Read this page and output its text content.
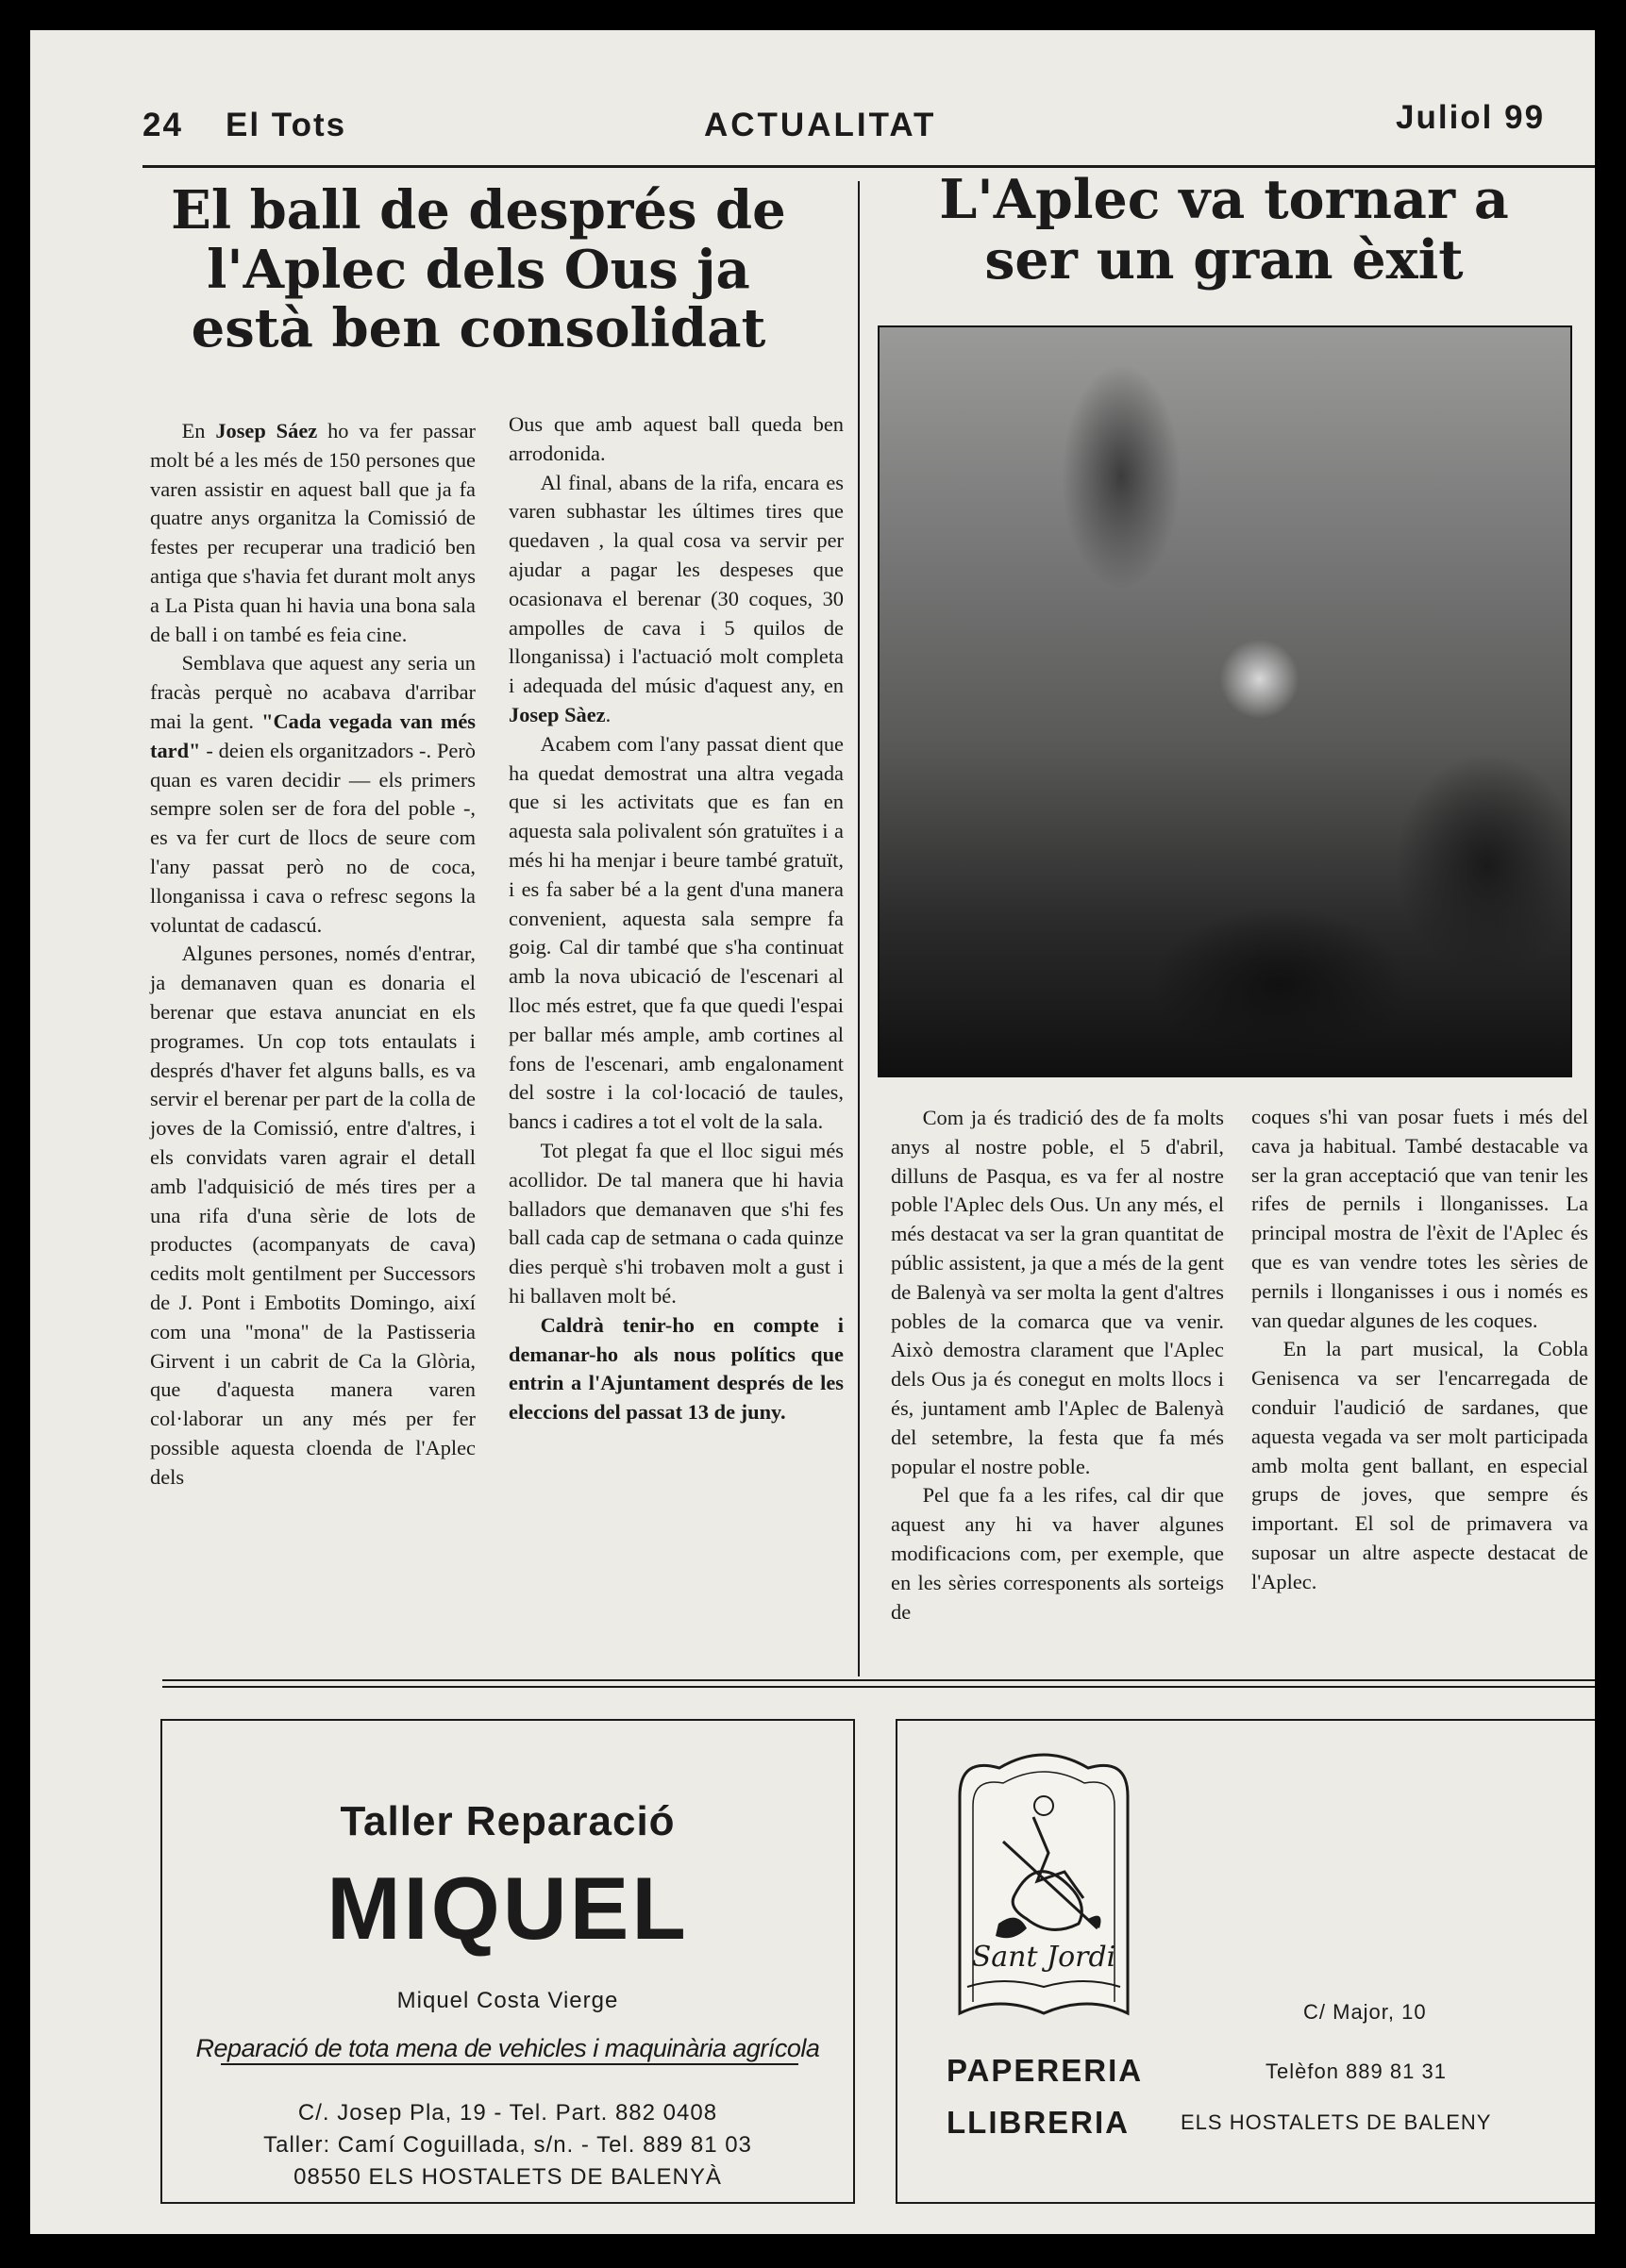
24 El Tots	ACTUALITAT	Juliol 99
El ball de després de l'Aplec dels Ous ja està ben consolidat

En Josep Sáez ho va fer passar molt bé a les més de 150 persones que varen assistir en aquest ball que ja fa quatre anys organitza la Comissió de festes per recuperar una tradició ben antiga que s'havia fet durant molt anys a La Pista quan hi havia una bona sala de ball i on també es feia cine.

Semblava que aquest any seria un fracàs perquè no acabava d'arribar mai la gent. "Cada vegada van més tard" - deien els organitzadors -. Però quan es varen decidir — els primers sempre solen ser de fora del poble -, es va fer curt de llocs de seure com l'any passat però no de coca, llonganissa i cava o refresc segons la voluntat de cadascú.

Algunes persones, només d'entrar, ja demanaven quan es donaria el berenar que estava anunciat en els programes. Un cop tots entaulats i després d'haver fet alguns balls, es va servir el berenar per part de la colla de joves de la Comissió, entre d'altres, i els convidats varen agrair el detall amb l'adquisició de més tires per a una rifa d'una sèrie de lots de productes (acompanyats de cava) cedits molt gentilment per Successors de J. Pont i Embotits Domingo, així com una "mona" de la Pastisseria Girvent i un cabrit de Ca la Glòria, que d'aquesta manera varen col·laborar un any més per fer possible aquesta cloenda de l'Aplec dels

Ous que amb aquest ball queda ben arrodonida.

Al final, abans de la rifa, encara es varen subhastar les últimes tires que quedaven , la qual cosa va servir per ajudar a pagar les despeses que ocasionava el berenar (30 coques, 30 ampolles de cava i 5 quilos de llonganissa) i l'actuació molt completa i adequada del músic d'aquest any, en Josep Sàez.

Acabem com l'any passat dient que ha quedat demostrat una altra vegada que si les activitats que es fan en aquesta sala polivalent són gratuïtes i a més hi ha menjar i beure també gratuït, i es fa saber bé a la gent d'una manera convenient, aquesta sala sempre fa goig. Cal dir també que s'ha continuat amb la nova ubicació de l'escenari al lloc més estret, que fa que quedi l'espai per ballar més ample, amb cortines al fons de l'escenari, amb engalonament del sostre i la col·locació de taules, bancs i cadires a tot el volt de la sala.

Tot plegat fa que el lloc sigui més acollidor. De tal manera que hi havia balladors que demanaven que s'hi fes ball cada cap de setmana o cada quinze dies perquè s'hi trobaven molt a gust i hi ballaven molt bé.

Caldrà tenir-ho en compte i demanar-ho als nous polítics que entrin a l'Ajuntament després de les eleccions del passat 13 de juny.

L'Aplec va tornar a ser un gran èxit

Com ja és tradició des de fa molts anys al nostre poble, el 5 d'abril, dilluns de Pasqua, es va fer al nostre poble l'Aplec dels Ous. Un any més, el més destacat va ser la gran quantitat de públic assistent, ja que a més de la gent de Balenyà va ser molta la gent d'altres pobles de la comarca que va venir. Això demostra clarament que l'Aplec dels Ous ja és conegut en molts llocs i és, juntament amb l'Aplec de Balenyà del setembre, la festa que fa més popular el nostre poble.

Pel que fa a les rifes, cal dir que aquest any hi va haver algunes modificacions com, per exemple, que en les sèries corresponents als sorteigs de

coques s'hi van posar fuets i més del cava ja habitual. També destacable va ser la gran acceptació que van tenir les rifes de pernils i llonganisses. La principal mostra de l'èxit de l'Aplec és que es van vendre totes les sèries de pernils i llonganisses i ous i només es van quedar algunes de les coques.

En la part musical, la Cobla Genisenca va ser l'encarregada de conduir l'audició de sardanes, que aquesta vegada va ser molt participada amb molta gent ballant, en especial grups de joves, que sempre és important. El sol de primavera va suposar un altre aspecte destacat de l'Aplec.

Taller Reparació
MIQUEL
Miquel Costa Vierge
Reparació de tota mena de vehicles i maquinària agrícola
C/. Josep Pla, 19 - Tel. Part. 882 0408
Taller: Camí Coguillada, s/n. - Tel. 889 81 03
08550 ELS HOSTALETS DE BALENYÀ
Sant Jordi
PAPERERIA
LLIBRERIA
C/ Major, 10
Telèfon 889 81 31
ELS HOSTALETS DE BALENY
